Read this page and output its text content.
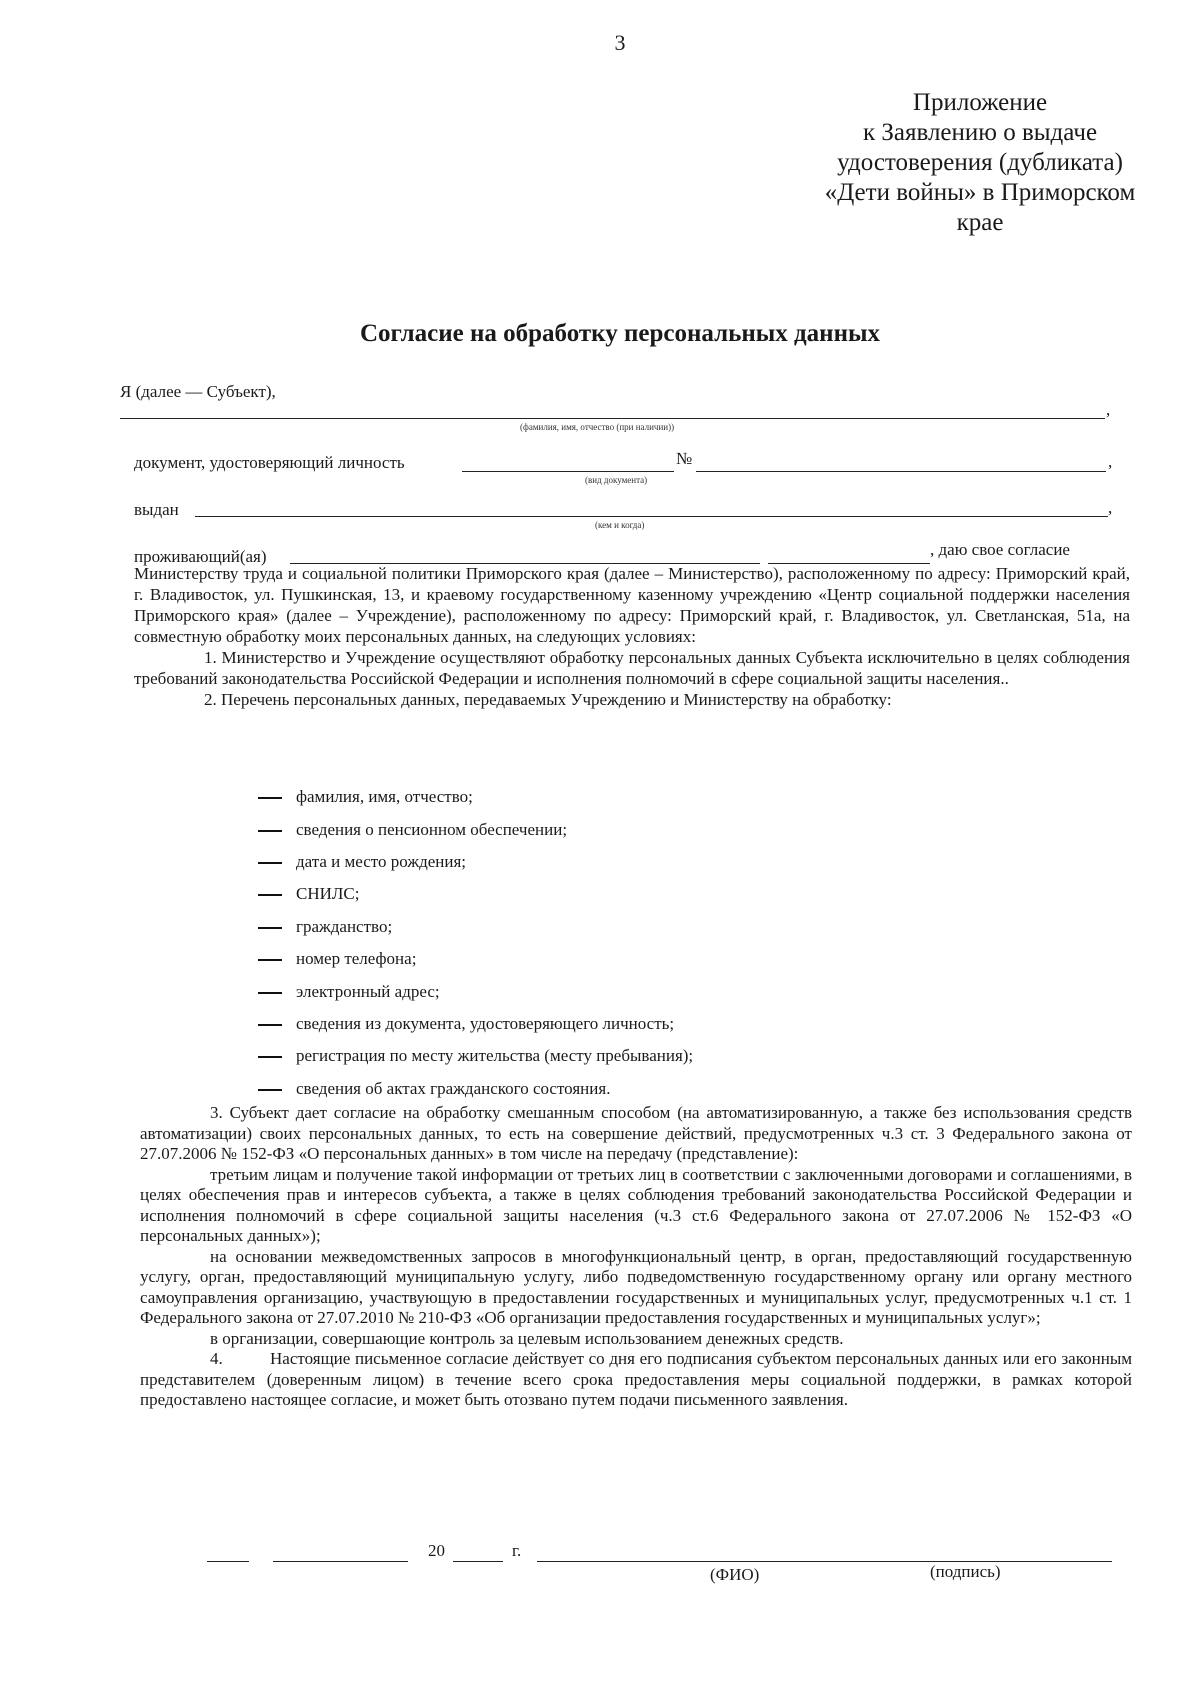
3
Приложение
к Заявлению о выдаче
удостоверения (дубликата)
«Дети войны» в Приморском
крае
Согласие на обработку персональных данных
Я (далее — Субъект),
,
(фамилия, имя, отчество (при наличии))
документ, удостоверяющий личность	№	,
(вид документа)
выдан	,
(кем и когда)
проживающий(ая)	, даю свое согласие

Министерству труда и социальной политики Приморского края (далее – Министерство), расположенному по адресу: Приморский край, г. Владивосток, ул. Пушкинская, 13, и краевому государственному казенному учреждению «Центр социальной поддержки населения Приморского края» (далее – Учреждение), расположенному по адресу: Приморский край, г. Владивосток, ул. Светланская, 51а, на совместную обработку моих персональных данных, на следующих условиях:

1. Министерство и Учреждение осуществляют обработку персональных данных Субъекта исключительно в целях соблюдения требований законодательства Российской Федерации и исполнения полномочий в сфере социальной защиты населения..

2. Перечень персональных данных, передаваемых Учреждению и Министерству на обработку:

фамилия, имя, отчество;
сведения о пенсионном обеспечении;
дата и место рождения;
СНИЛС;
гражданство;
номер телефона;
электронный адрес;
сведения из документа, удостоверяющего личность;
регистрация по месту жительства (месту пребывания);
сведения об актах гражданского состояния.

3. Субъект дает согласие на обработку смешанным способом (на автоматизированную, а также без использования средств автоматизации) своих персональных данных, то есть на совершение действий, предусмотренных ч.3 ст. 3 Федерального закона от 27.07.2006 № 152-ФЗ «О персональных данных» в том числе на передачу (представление):

третьим лицам и получение такой информации от третьих лиц в соответствии с заключенными договорами и соглашениями, в целях обеспечения прав и интересов субъекта, а также в целях соблюдения требований законодательства Российской Федерации и исполнения полномочий в сфере социальной защиты населения (ч.3 ст.6 Федерального закона от 27.07.2006 № 152-ФЗ «О персональных данных»);

на основании межведомственных запросов в многофункциональный центр, в орган, предоставляющий государственную услугу, орган, предоставляющий муниципальную услугу, либо подведомственную государственному органу или органу местного самоуправления организацию, участвующую в предоставлении государственных и муниципальных услуг, предусмотренных ч.1 ст. 1 Федерального закона от 27.07.2010 № 210-ФЗ «Об организации предоставления государственных и муниципальных услуг»;

в организации, совершающие контроль за целевым использованием денежных средств.

4.	Настоящие письменное согласие действует со дня его подписания субъектом персональных данных или его законным представителем (доверенным лицом) в течение всего срока предоставления меры социальной поддержки, в рамках которой предоставлено настоящее согласие, и может быть отозвано путем подачи письменного заявления.

20	г.
(ФИО)	(подпись)
